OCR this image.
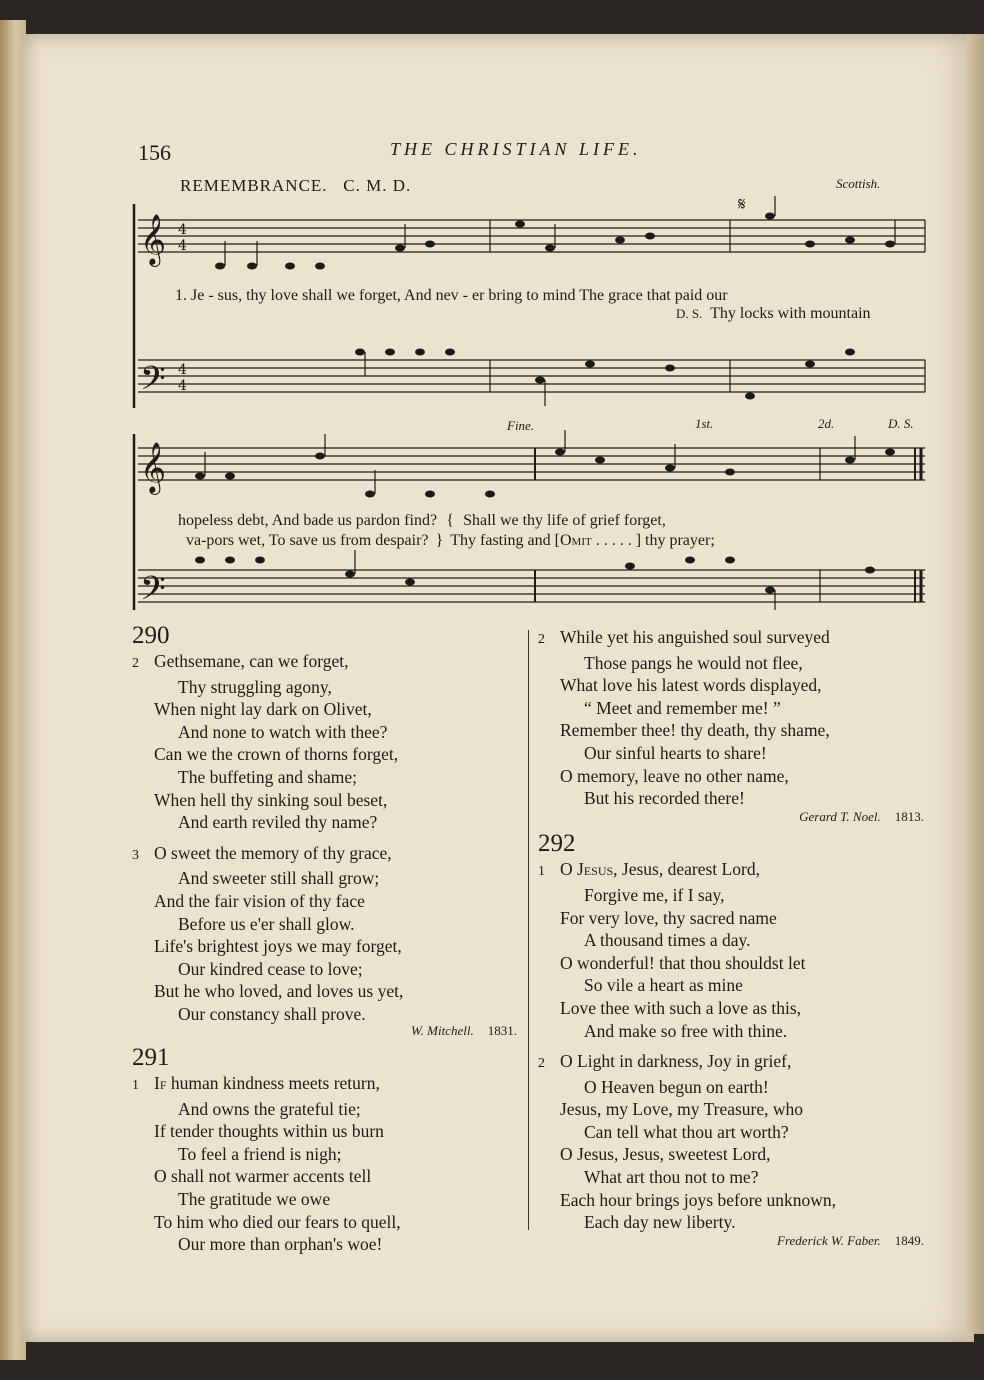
156	THE CHRISTIAN LIFE.
REMEMBRANCE. C. M. D.	Scottish.
𝄞
𝄢
4
4
4
4
𝄋
1. Je - sus, thy love shall we forget, And nev - er bring to mind The grace that paid our
D. S. Thy locks with mountain
Fine.	1st.	2d.	D. S.
𝄞
𝄢
hopeless debt, And bade us pardon find? { Shall we thy life of grief forget,
va-pors wet, To save us from despair? } Thy fasting and [Omit . . . . . ] thy prayer;
290
2 Gethsemane, can we forget,
Thy struggling agony,
When night lay dark on Olivet,
And none to watch with thee?
Can we the crown of thorns forget,
The buffeting and shame;
When hell thy sinking soul beset,
And earth reviled thy name?
3 O sweet the memory of thy grace,
And sweeter still shall grow;
And the fair vision of thy face
Before us e'er shall glow.
Life's brightest joys we may forget,
Our kindred cease to love;
But he who loved, and loves us yet,
Our constancy shall prove.
W. Mitchell. 1831.
291
1 If human kindness meets return,
And owns the grateful tie;
If tender thoughts within us burn
To feel a friend is nigh;
O shall not warmer accents tell
The gratitude we owe
To him who died our fears to quell,
Our more than orphan's woe!
2 While yet his anguished soul surveyed
Those pangs he would not flee,
What love his latest words displayed,
“ Meet and remember me! ”
Remember thee! thy death, thy shame,
Our sinful hearts to share!
O memory, leave no other name,
But his recorded there!
Gerard T. Noel. 1813.
292
1 O Jesus, Jesus, dearest Lord,
Forgive me, if I say,
For very love, thy sacred name
A thousand times a day.
O wonderful! that thou shouldst let
So vile a heart as mine
Love thee with such a love as this,
And make so free with thine.
2 O Light in darkness, Joy in grief,
O Heaven begun on earth!
Jesus, my Love, my Treasure, who
Can tell what thou art worth?
O Jesus, Jesus, sweetest Lord,
What art thou not to me?
Each hour brings joys before unknown,
Each day new liberty.
Frederick W. Faber. 1849.
